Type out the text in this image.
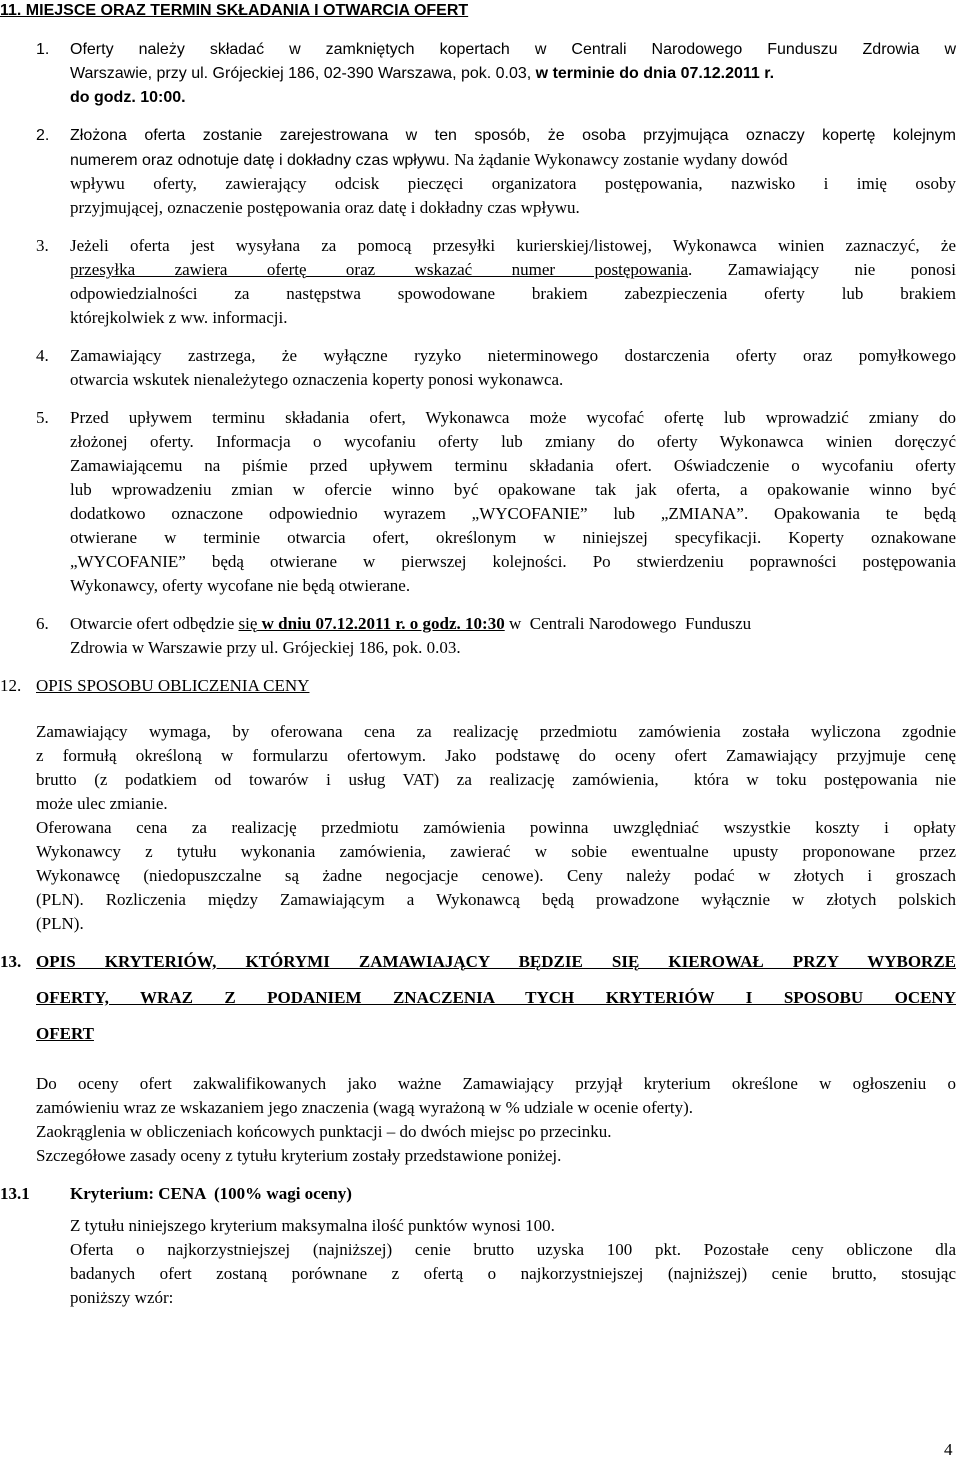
11. MIEJSCE ORAZ TERMIN SKŁADANIA I OTWARCIA OFERT
1. Oferty należy składać w zamkniętych kopertach w Centrali Narodowego Funduszu Zdrowia w
Warszawie, przy ul. Grójeckiej 186, 02-390 Warszawa, pok. 0.03, w terminie do dnia 07.12.2011 r.
do godz. 10:00.
2. Złożona oferta zostanie zarejestrowana w ten sposób, że osoba przyjmująca oznaczy kopertę kolejnym
numerem oraz odnotuje datę i dokładny czas wpływu. Na żądanie Wykonawcy zostanie wydany dowód
wpływu oferty, zawierający odcisk pieczęci organizatora postępowania, nazwisko i imię osoby
przyjmującej, oznaczenie postępowania oraz datę i dokładny czas wpływu.
3. Jeżeli oferta jest wysyłana za pomocą przesyłki kurierskiej/listowej, Wykonawca winien zaznaczyć, że
przesyłka zawiera ofertę oraz wskazać numer postępowania . Zamawiający nie ponosi
odpowiedzialności za następstwa spowodowane brakiem zabezpieczenia oferty lub brakiem
którejkolwiek z ww. informacji.
4. Zamawiający zastrzega, że wyłączne ryzyko nieterminowego dostarczenia oferty oraz pomyłkowego
otwarcia wskutek nienależytego oznaczenia koperty ponosi wykonawca.
5. Przed upływem terminu składania ofert, Wykonawca może wycofać ofertę lub wprowadzić zmiany do
złożonej oferty. Informacja o wycofaniu oferty lub zmiany do oferty Wykonawca winien doręczyć
Zamawiającemu na piśmie przed upływem terminu składania ofert. Oświadczenie o wycofaniu oferty
lub wprowadzeniu zmian w ofercie winno być opakowane tak jak oferta, a opakowanie winno być
dodatkowo oznaczone odpowiednio wyrazem „WYCOFANIE” lub „ZMIANA”. Opakowania te będą
otwierane w terminie otwarcia ofert, określonym w niniejszej specyfikacji. Koperty oznakowane
„WYCOFANIE” będą otwierane w pierwszej kolejności. Po stwierdzeniu poprawności postępowania
Wykonawcy, oferty wycofane nie będą otwierane.
6. Otwarcie ofert odbędzie się w dniu 07.12.2011 r. o godz. 10:30 w  Centrali Narodowego  Funduszu
Zdrowia w Warszawie przy ul. Grójeckiej 186, pok. 0.03.
12. OPIS SPOSOBU OBLICZENIA CENY
Zamawiający wymaga, by oferowana cena za realizację przedmiotu zamówienia została wyliczona zgodnie
z formułą określoną w formularzu ofertowym. Jako podstawę do oceny ofert Zamawiający przyjmuje cenę
brutto (z podatkiem od towarów i usług VAT) za realizację zamówienia,  która w toku postępowania nie
może ulec zmianie.
Oferowana cena za realizację przedmiotu zamówienia powinna uwzględniać wszystkie koszty i opłaty
Wykonawcy z tytułu wykonania zamówienia, zawierać w sobie ewentualne upusty proponowane przez
Wykonawcę (niedopuszczalne są żadne negocjacje cenowe). Ceny należy podać w złotych i groszach
(PLN). Rozliczenia między Zamawiającym a Wykonawcą będą prowadzone wyłącznie w złotych polskich
(PLN).
13. OPIS KRYTERIÓW, KTÓRYMI ZAMAWIAJĄCY BĘDZIE SIĘ KIEROWAŁ PRZY WYBORZE
OFERTY, WRAZ Z PODANIEM ZNACZENIA TYCH KRYTERIÓW I SPOSOBU OCENY
OFERT
Do oceny ofert zakwalifikowanych jako ważne Zamawiający przyjął kryterium określone w ogłoszeniu o
zamówieniu wraz ze wskazaniem jego znaczenia (wagą wyrażoną w % udziale w ocenie oferty).
Zaokrąglenia w obliczeniach końcowych punktacji – do dwóch miejsc po przecinku.
Szczegółowe zasady oceny z tytułu kryterium zostały przedstawione poniżej.
13.1 Kryterium: CENA  (100% wagi oceny)
Z tytułu niniejszego kryterium maksymalna ilość punktów wynosi 100.
Oferta o najkorzystniejszej (najniższej) cenie brutto uzyska 100 pkt. Pozostałe ceny obliczone dla
badanych ofert zostaną porównane z ofertą o najkorzystniejszej (najniższej) cenie brutto, stosując
poniższy wzór:
4
